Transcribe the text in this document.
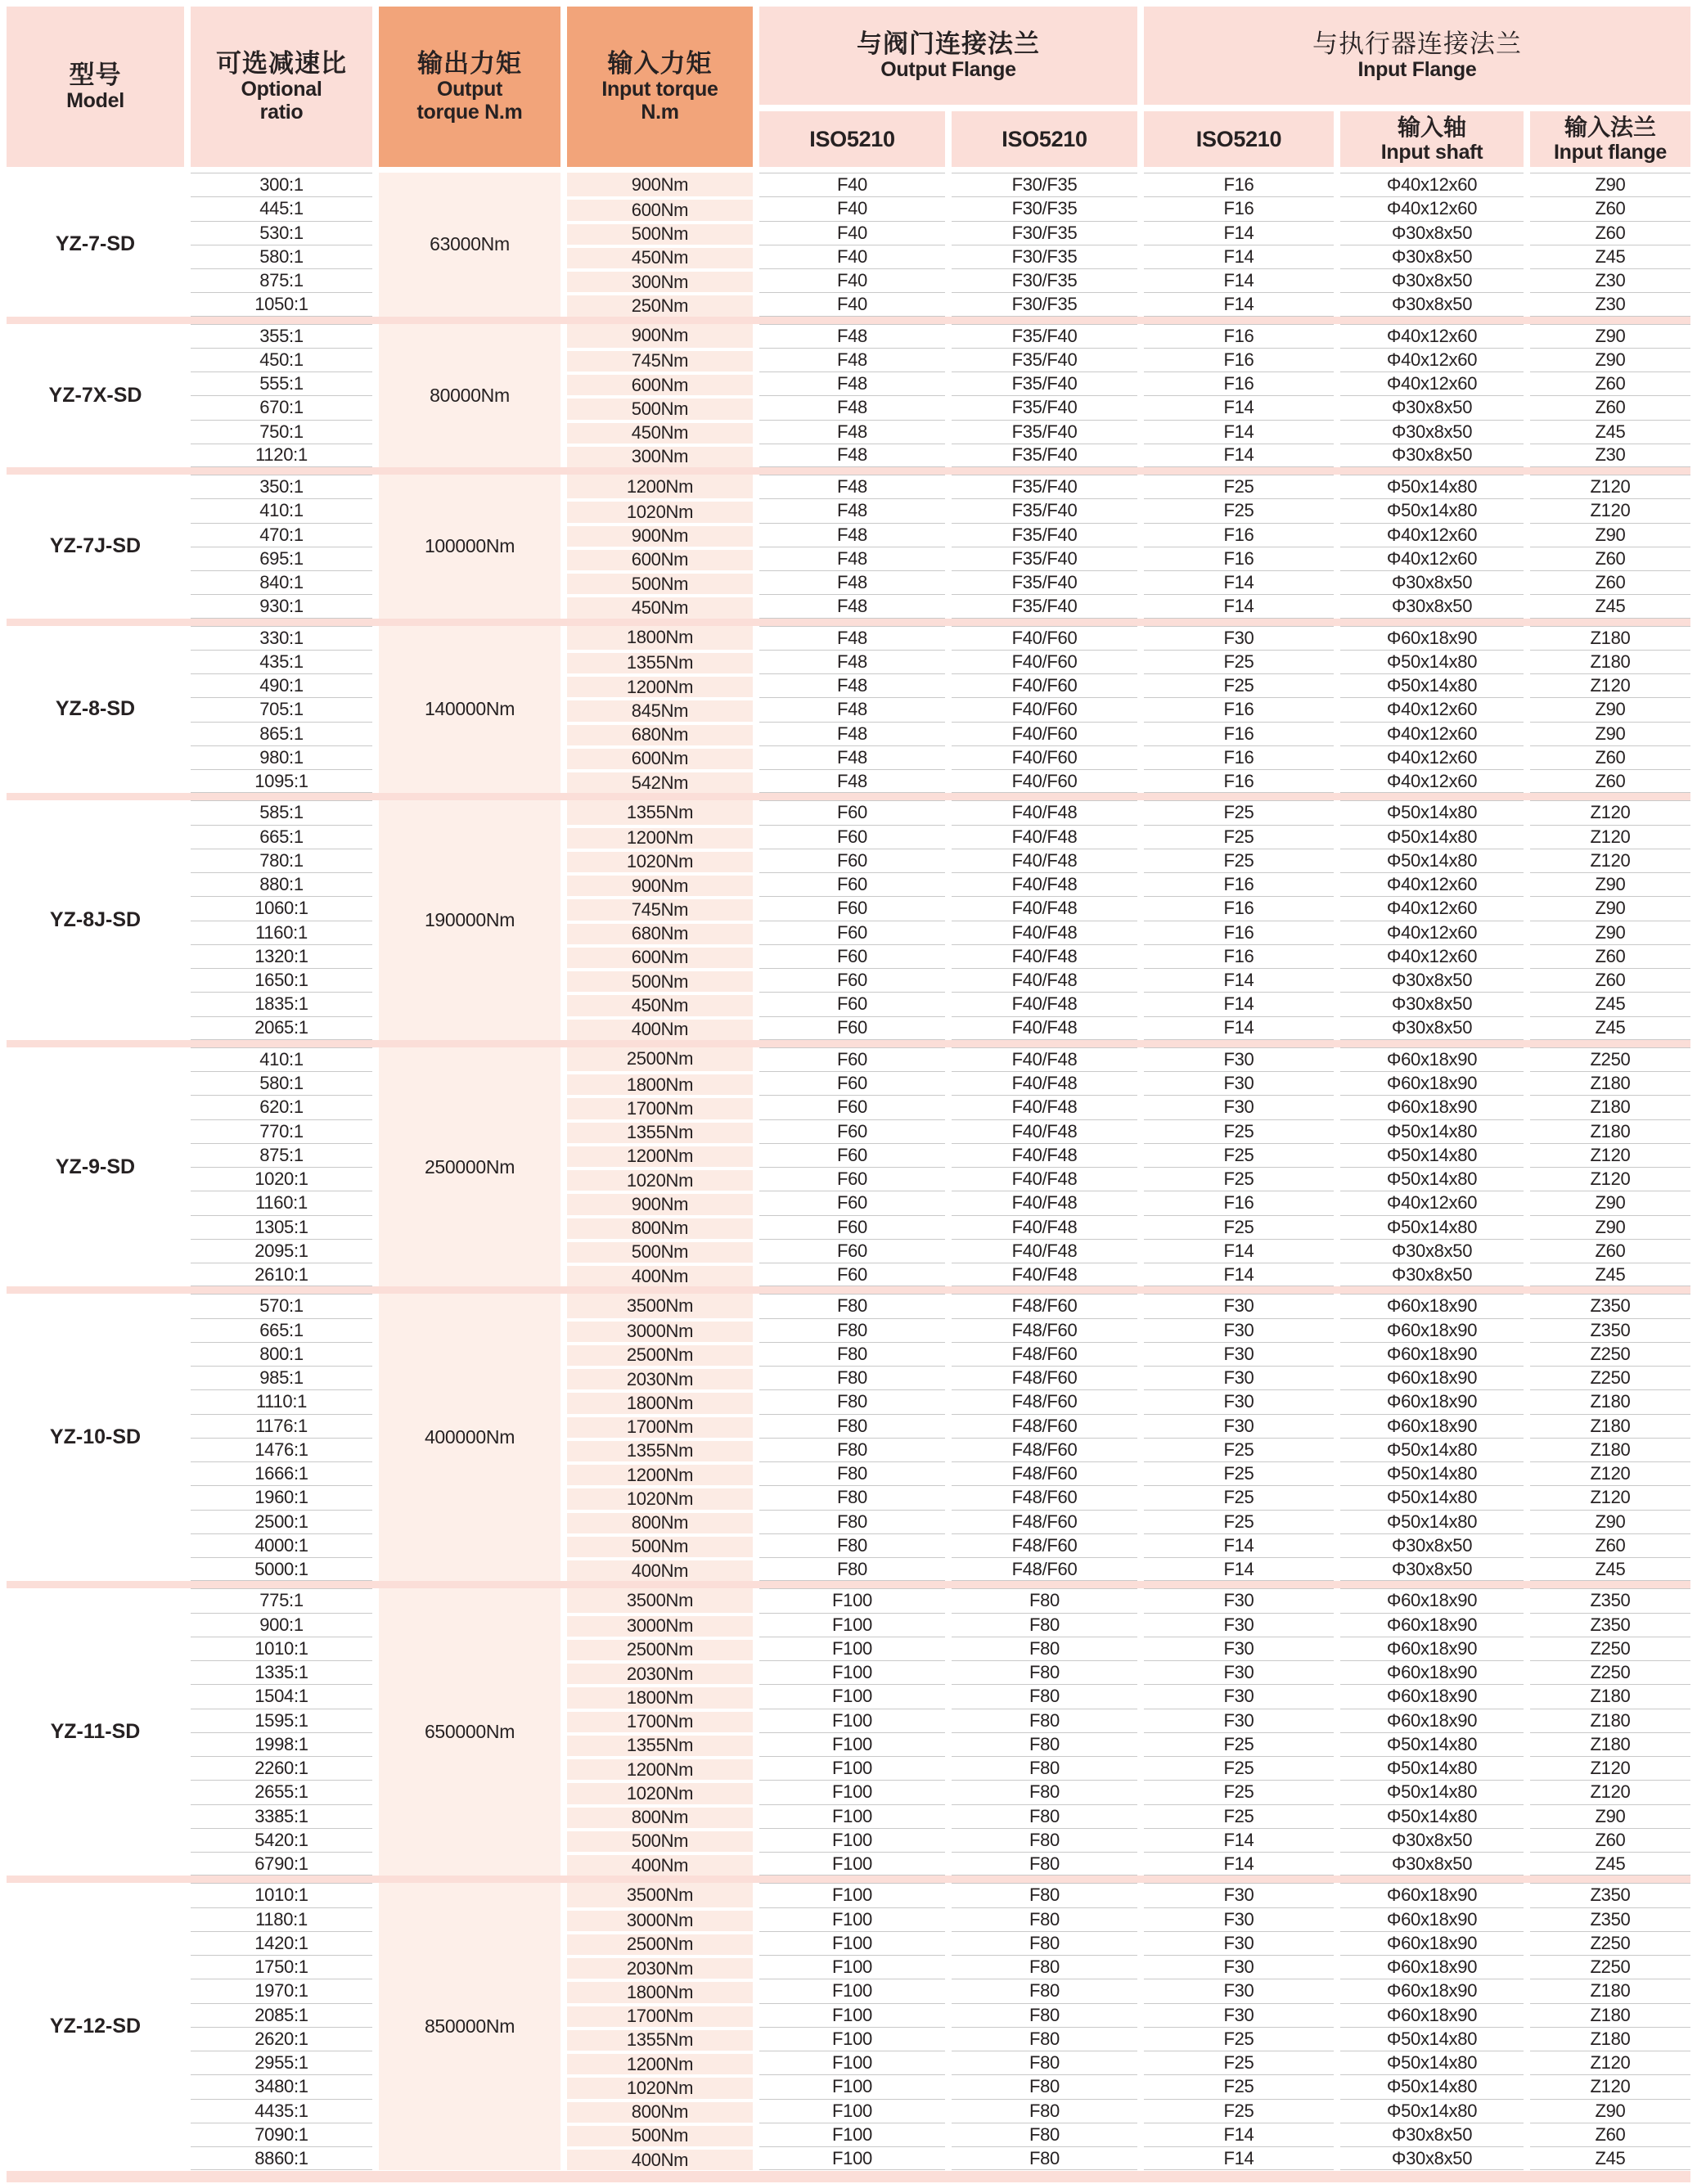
型号
Model
可选减速比
Optional
ratio
输出力矩
Output
torque N.m
输入力矩
Input torque
N.m
与阀门连接法兰
Output Flange
与执行器连接法兰
Input Flange
ISO5210	ISO5210	ISO5210	输入轴
Input shaft
输入法兰
Input flange
YZ-7-SD	63000Nm
300:1	900Nm	F40	F30/F35	F16	Φ40x12x60	Z90
445:1	600Nm	F40	F30/F35	F16	Φ40x12x60	Z60
530:1	500Nm	F40	F30/F35	F14	Φ30x8x50	Z60
580:1	450Nm	F40	F30/F35	F14	Φ30x8x50	Z45
875:1	300Nm	F40	F30/F35	F14	Φ30x8x50	Z30
1050:1	250Nm	F40	F30/F35	F14	Φ30x8x50	Z30
YZ-7X-SD	80000Nm
355:1	900Nm	F48	F35/F40	F16	Φ40x12x60	Z90
450:1	745Nm	F48	F35/F40	F16	Φ40x12x60	Z90
555:1	600Nm	F48	F35/F40	F16	Φ40x12x60	Z60
670:1	500Nm	F48	F35/F40	F14	Φ30x8x50	Z60
750:1	450Nm	F48	F35/F40	F14	Φ30x8x50	Z45
1120:1	300Nm	F48	F35/F40	F14	Φ30x8x50	Z30
YZ-7J-SD	100000Nm
350:1	1200Nm	F48	F35/F40	F25	Φ50x14x80	Z120
410:1	1020Nm	F48	F35/F40	F25	Φ50x14x80	Z120
470:1	900Nm	F48	F35/F40	F16	Φ40x12x60	Z90
695:1	600Nm	F48	F35/F40	F16	Φ40x12x60	Z60
840:1	500Nm	F48	F35/F40	F14	Φ30x8x50	Z60
930:1	450Nm	F48	F35/F40	F14	Φ30x8x50	Z45
YZ-8-SD	140000Nm
330:1	1800Nm	F48	F40/F60	F30	Φ60x18x90	Z180
435:1	1355Nm	F48	F40/F60	F25	Φ50x14x80	Z180
490:1	1200Nm	F48	F40/F60	F25	Φ50x14x80	Z120
705:1	845Nm	F48	F40/F60	F16	Φ40x12x60	Z90
865:1	680Nm	F48	F40/F60	F16	Φ40x12x60	Z90
980:1	600Nm	F48	F40/F60	F16	Φ40x12x60	Z60
1095:1	542Nm	F48	F40/F60	F16	Φ40x12x60	Z60
YZ-8J-SD	190000Nm
585:1	1355Nm	F60	F40/F48	F25	Φ50x14x80	Z120
665:1	1200Nm	F60	F40/F48	F25	Φ50x14x80	Z120
780:1	1020Nm	F60	F40/F48	F25	Φ50x14x80	Z120
880:1	900Nm	F60	F40/F48	F16	Φ40x12x60	Z90
1060:1	745Nm	F60	F40/F48	F16	Φ40x12x60	Z90
1160:1	680Nm	F60	F40/F48	F16	Φ40x12x60	Z90
1320:1	600Nm	F60	F40/F48	F16	Φ40x12x60	Z60
1650:1	500Nm	F60	F40/F48	F14	Φ30x8x50	Z60
1835:1	450Nm	F60	F40/F48	F14	Φ30x8x50	Z45
2065:1	400Nm	F60	F40/F48	F14	Φ30x8x50	Z45
YZ-9-SD	250000Nm
410:1	2500Nm	F60	F40/F48	F30	Φ60x18x90	Z250
580:1	1800Nm	F60	F40/F48	F30	Φ60x18x90	Z180
620:1	1700Nm	F60	F40/F48	F30	Φ60x18x90	Z180
770:1	1355Nm	F60	F40/F48	F25	Φ50x14x80	Z180
875:1	1200Nm	F60	F40/F48	F25	Φ50x14x80	Z120
1020:1	1020Nm	F60	F40/F48	F25	Φ50x14x80	Z120
1160:1	900Nm	F60	F40/F48	F16	Φ40x12x60	Z90
1305:1	800Nm	F60	F40/F48	F25	Φ50x14x80	Z90
2095:1	500Nm	F60	F40/F48	F14	Φ30x8x50	Z60
2610:1	400Nm	F60	F40/F48	F14	Φ30x8x50	Z45
YZ-10-SD	400000Nm
570:1	3500Nm	F80	F48/F60	F30	Φ60x18x90	Z350
665:1	3000Nm	F80	F48/F60	F30	Φ60x18x90	Z350
800:1	2500Nm	F80	F48/F60	F30	Φ60x18x90	Z250
985:1	2030Nm	F80	F48/F60	F30	Φ60x18x90	Z250
1110:1	1800Nm	F80	F48/F60	F30	Φ60x18x90	Z180
1176:1	1700Nm	F80	F48/F60	F30	Φ60x18x90	Z180
1476:1	1355Nm	F80	F48/F60	F25	Φ50x14x80	Z180
1666:1	1200Nm	F80	F48/F60	F25	Φ50x14x80	Z120
1960:1	1020Nm	F80	F48/F60	F25	Φ50x14x80	Z120
2500:1	800Nm	F80	F48/F60	F25	Φ50x14x80	Z90
4000:1	500Nm	F80	F48/F60	F14	Φ30x8x50	Z60
5000:1	400Nm	F80	F48/F60	F14	Φ30x8x50	Z45
YZ-11-SD	650000Nm
775:1	3500Nm	F100	F80	F30	Φ60x18x90	Z350
900:1	3000Nm	F100	F80	F30	Φ60x18x90	Z350
1010:1	2500Nm	F100	F80	F30	Φ60x18x90	Z250
1335:1	2030Nm	F100	F80	F30	Φ60x18x90	Z250
1504:1	1800Nm	F100	F80	F30	Φ60x18x90	Z180
1595:1	1700Nm	F100	F80	F30	Φ60x18x90	Z180
1998:1	1355Nm	F100	F80	F25	Φ50x14x80	Z180
2260:1	1200Nm	F100	F80	F25	Φ50x14x80	Z120
2655:1	1020Nm	F100	F80	F25	Φ50x14x80	Z120
3385:1	800Nm	F100	F80	F25	Φ50x14x80	Z90
5420:1	500Nm	F100	F80	F14	Φ30x8x50	Z60
6790:1	400Nm	F100	F80	F14	Φ30x8x50	Z45
YZ-12-SD	850000Nm
1010:1	3500Nm	F100	F80	F30	Φ60x18x90	Z350
1180:1	3000Nm	F100	F80	F30	Φ60x18x90	Z350
1420:1	2500Nm	F100	F80	F30	Φ60x18x90	Z250
1750:1	2030Nm	F100	F80	F30	Φ60x18x90	Z250
1970:1	1800Nm	F100	F80	F30	Φ60x18x90	Z180
2085:1	1700Nm	F100	F80	F30	Φ60x18x90	Z180
2620:1	1355Nm	F100	F80	F25	Φ50x14x80	Z180
2955:1	1200Nm	F100	F80	F25	Φ50x14x80	Z120
3480:1	1020Nm	F100	F80	F25	Φ50x14x80	Z120
4435:1	800Nm	F100	F80	F25	Φ50x14x80	Z90
7090:1	500Nm	F100	F80	F14	Φ30x8x50	Z60
8860:1	400Nm	F100	F80	F14	Φ30x8x50	Z45
